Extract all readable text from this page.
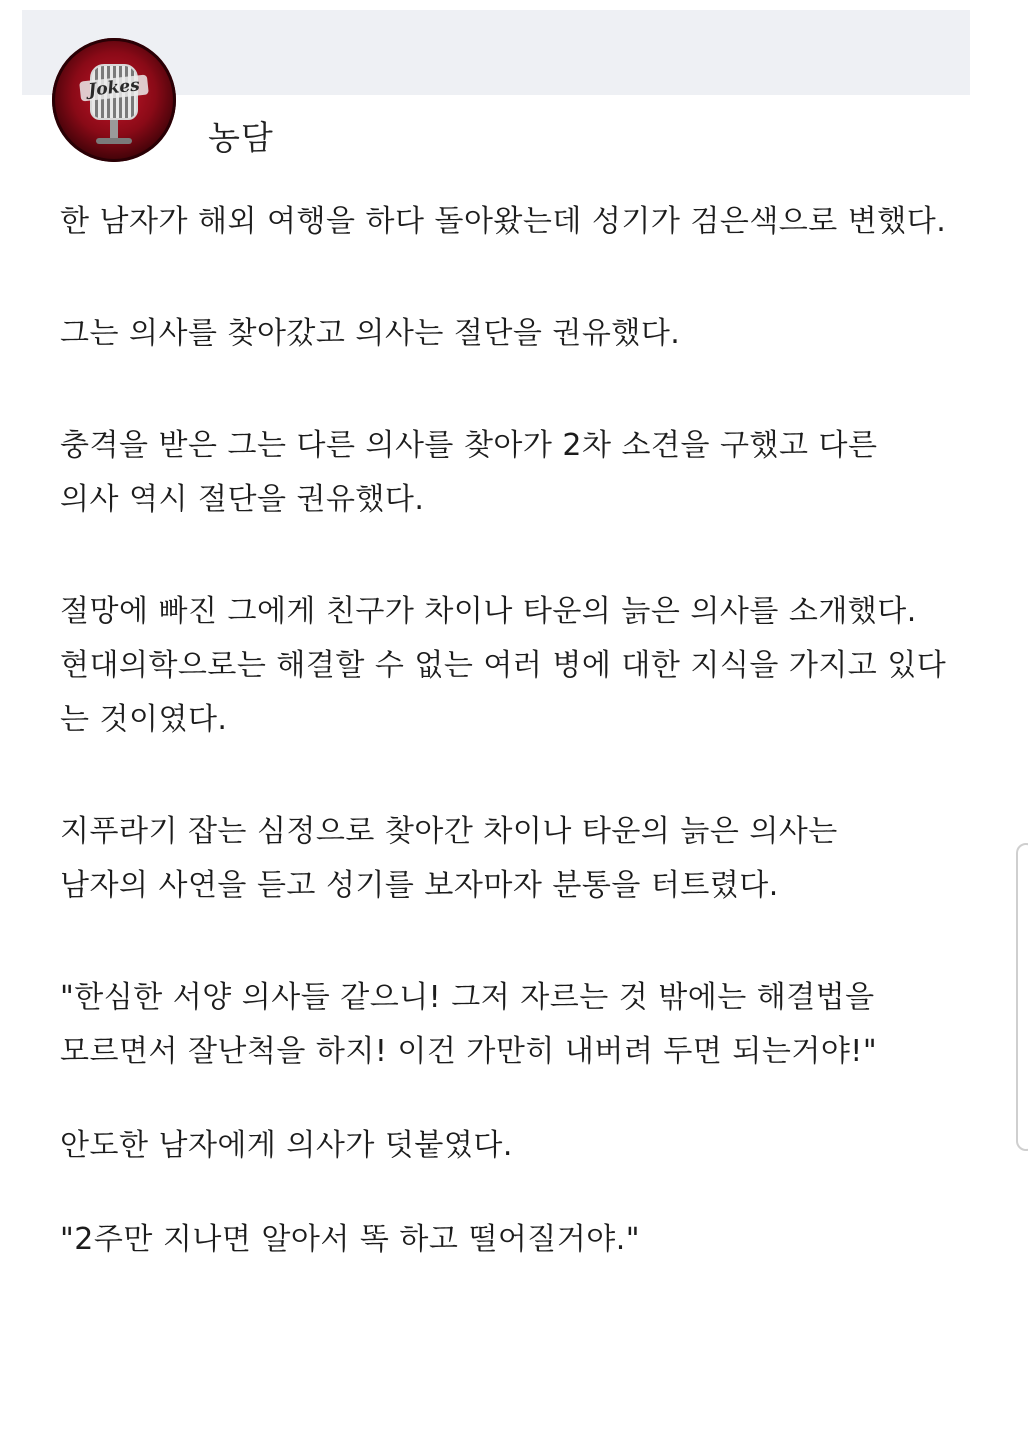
Jokes
농담

한 남자가 해외 여행을 하다 돌아왔는데 성기가 검은색으로 변했다.

그는 의사를 찾아갔고 의사는 절단을 권유했다.

충격을 받은 그는 다른 의사를 찾아가 2차 소견을 구했고 다른
의사 역시 절단을 권유했다.

절망에 빠진 그에게 친구가 차이나 타운의 늙은 의사를 소개했다.
현대의학으로는 해결할 수 없는 여러 병에 대한 지식을 가지고 있다
는 것이였다.

지푸라기 잡는 심정으로 찾아간 차이나 타운의 늙은 의사는
남자의 사연을 듣고 성기를 보자마자 분통을 터트렸다.

"한심한 서양 의사들 같으니! 그저 자르는 것 밖에는 해결법을
모르면서 잘난척을 하지! 이건 가만히 내버려 두면 되는거야!"

안도한 남자에게 의사가 덧붙였다.

"2주만 지나면 알아서 똑 하고 떨어질거야."
